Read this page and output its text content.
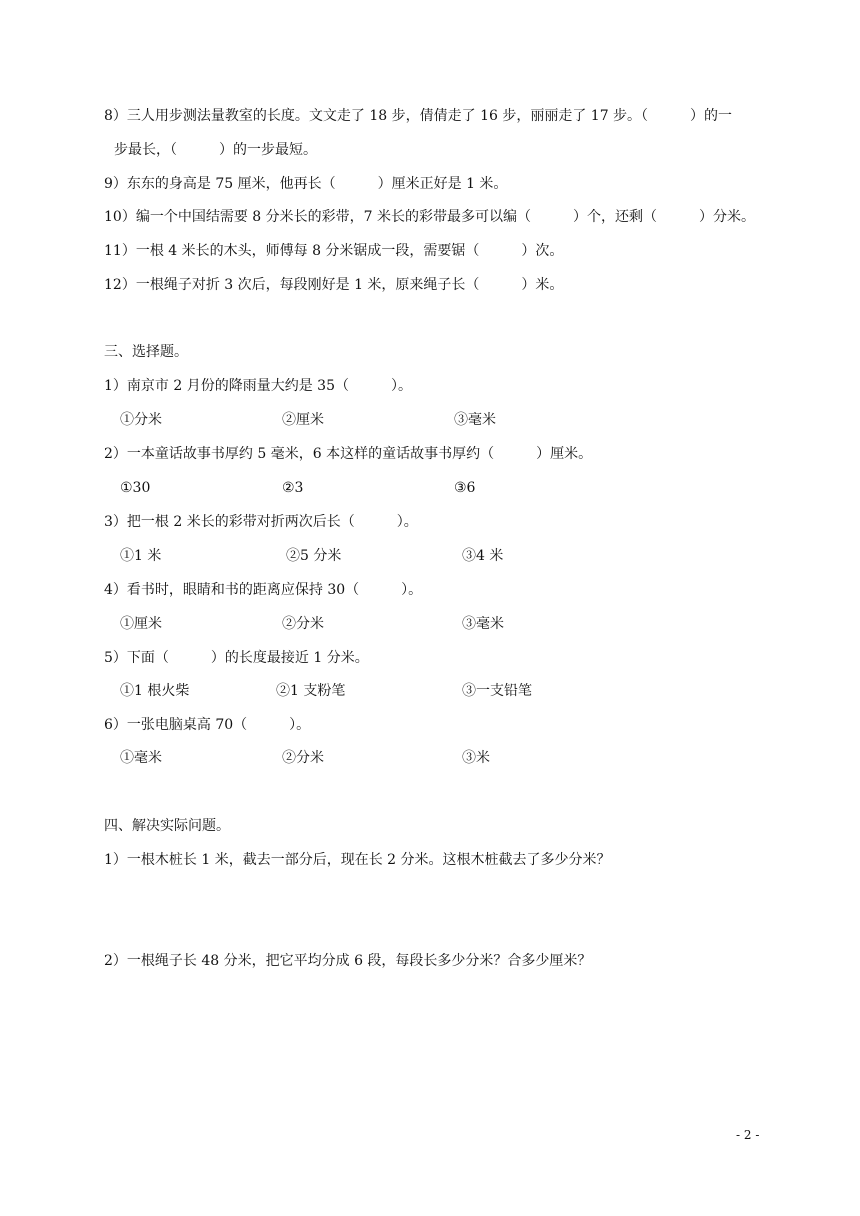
8）三人用步测法量教室的长度。文文走了 18 步，倩倩走了 16 步，丽丽走了 17 步。（　　　）的一
步最长，（　　　）的一步最短。
9）东东的身高是 75 厘米，他再长（　　　）厘米正好是 1 米。
10）编一个中国结需要 8 分米长的彩带，7 米长的彩带最多可以编（　　　）个，还剩（　　　）分米。
11）一根 4 米长的木头，师傅每 8 分米锯成一段，需要锯（　　　）次。
12）一根绳子对折 3 次后，每段刚好是 1 米，原来绳子长（　　　）米。
三、选择题。
1）南京市 2 月份的降雨量大约是 35（　　　）。
①分米	②厘米	③毫米
2）一本童话故事书厚约 5 毫米，6 本这样的童话故事书厚约（　　　）厘米。
①30	②3	③6
3）把一根 2 米长的彩带对折两次后长（　　　）。
①1 米	②5 分米	③4 米
4）看书时，眼睛和书的距离应保持 30（　　　）。
①厘米	②分米	③毫米
5）下面（　　　）的长度最接近 1 分米。
①1 根火柴	②1 支粉笔	③一支铅笔
6）一张电脑桌高 70（　　　）。
①毫米	②分米	③米
四、解决实际问题。
1）一根木桩长 1 米，截去一部分后，现在长 2 分米。这根木桩截去了多少分米？
2）一根绳子长 48 分米，把它平均分成 6 段，每段长多少分米？合多少厘米？
- 2 -
